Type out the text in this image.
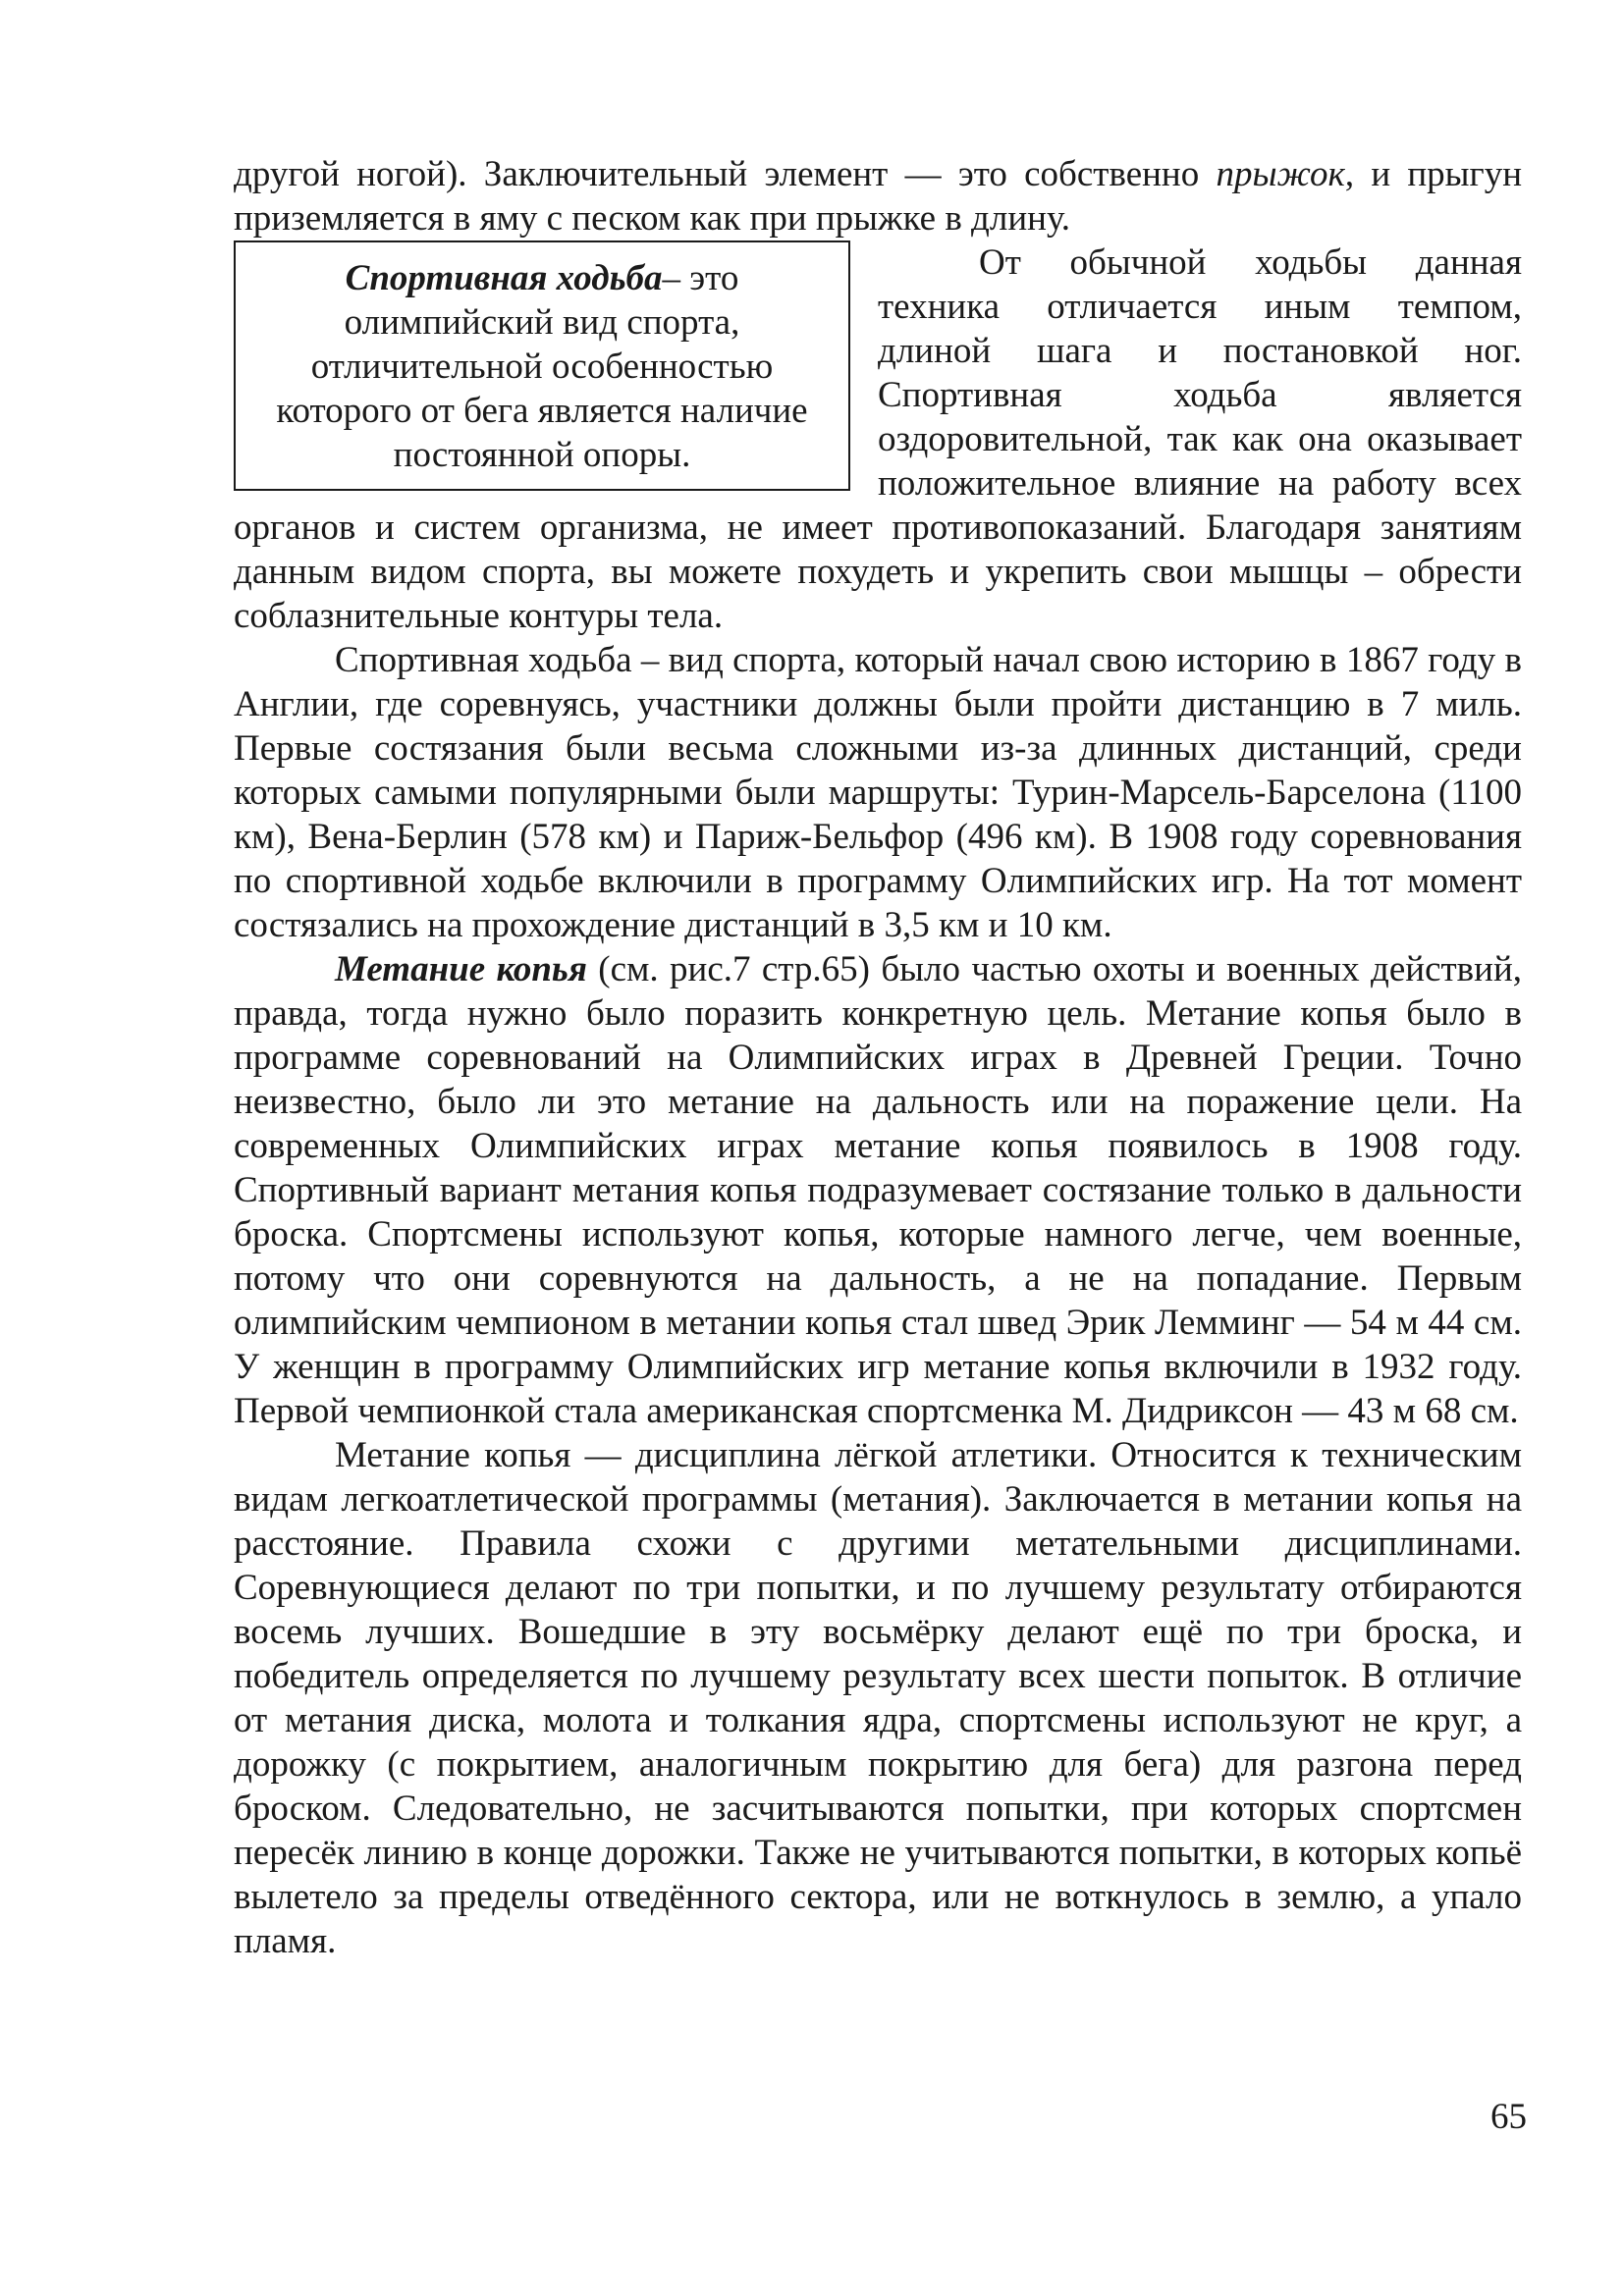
другой ногой). Заключительный элемент — это собственно прыжок, и прыгун приземляется в яму с песком как при прыжке в длину.

Спортивная ходьба– это олимпийский вид спорта, отличительной особенностью которого от бега является наличие постоянной опоры.

От обычной ходьбы данная техника отличается иным темпом, длиной шага и постановкой ног. Спортивная ходьба является оздоровительной, так как она оказывает положительное влияние на работу всех органов и систем организма, не имеет противопоказаний. Благодаря занятиям данным видом спорта, вы можете похудеть и укрепить свои мышцы – обрести соблазнительные контуры тела.

Спортивная ходьба – вид спорта, который начал свою историю в 1867 году в Англии, где соревнуясь, участники должны были пройти дистанцию в 7 миль. Первые состязания были весьма сложными из-за длинных дистанций, среди которых самыми популярными были маршруты: Турин-Марсель-Барселона (1100 км), Вена-Берлин (578 км) и Париж-Бельфор (496 км). В 1908 году соревнования по спортивной ходьбе включили в программу Олимпийских игр. На тот момент состязались на прохождение дистанций в 3,5 км и 10 км.

Метание копья (см. рис.7 стр.65) было частью охоты и военных действий, правда, тогда нужно было поразить конкретную цель. Метание копья было в программе соревнований на Олимпийских играх в Древней Греции. Точно неизвестно, было ли это метание на дальность или на поражение цели. На современных Олимпийских играх метание копья появилось в 1908 году. Спортивный вариант метания копья подразумевает состязание только в дальности броска. Спортсмены используют копья, которые намного легче, чем военные, потому что они соревнуются на дальность, а не на попадание. Первым олимпийским чемпионом в метании копья стал швед Эрик Лемминг — 54 м 44 см. У женщин в программу Олимпийских игр метание копья включили в 1932 году. Первой чемпионкой стала американская спортсменка М. Дидриксон — 43 м 68 см.

Метание копья — дисциплина лёгкой атлетики. Относится к техническим видам легкоатлетической программы (метания). Заключается в метании копья на расстояние. Правила схожи с другими метательными дисциплинами. Соревнующиеся делают по три попытки, и по лучшему результату отбираются восемь лучших. Вошедшие в эту восьмёрку делают ещё по три броска, и победитель определяется по лучшему результату всех шести попыток. В отличие от метания диска, молота и толкания ядра, спортсмены используют не круг, а дорожку (с покрытием, аналогичным покрытию для бега) для разгона перед броском. Следовательно, не засчитываются попытки, при которых спортсмен пересёк линию в конце дорожки. Также не учитываются попытки, в которых копьё вылетело за пределы отведённого сектора, или не воткнулось в землю, а упало пламя.

65
